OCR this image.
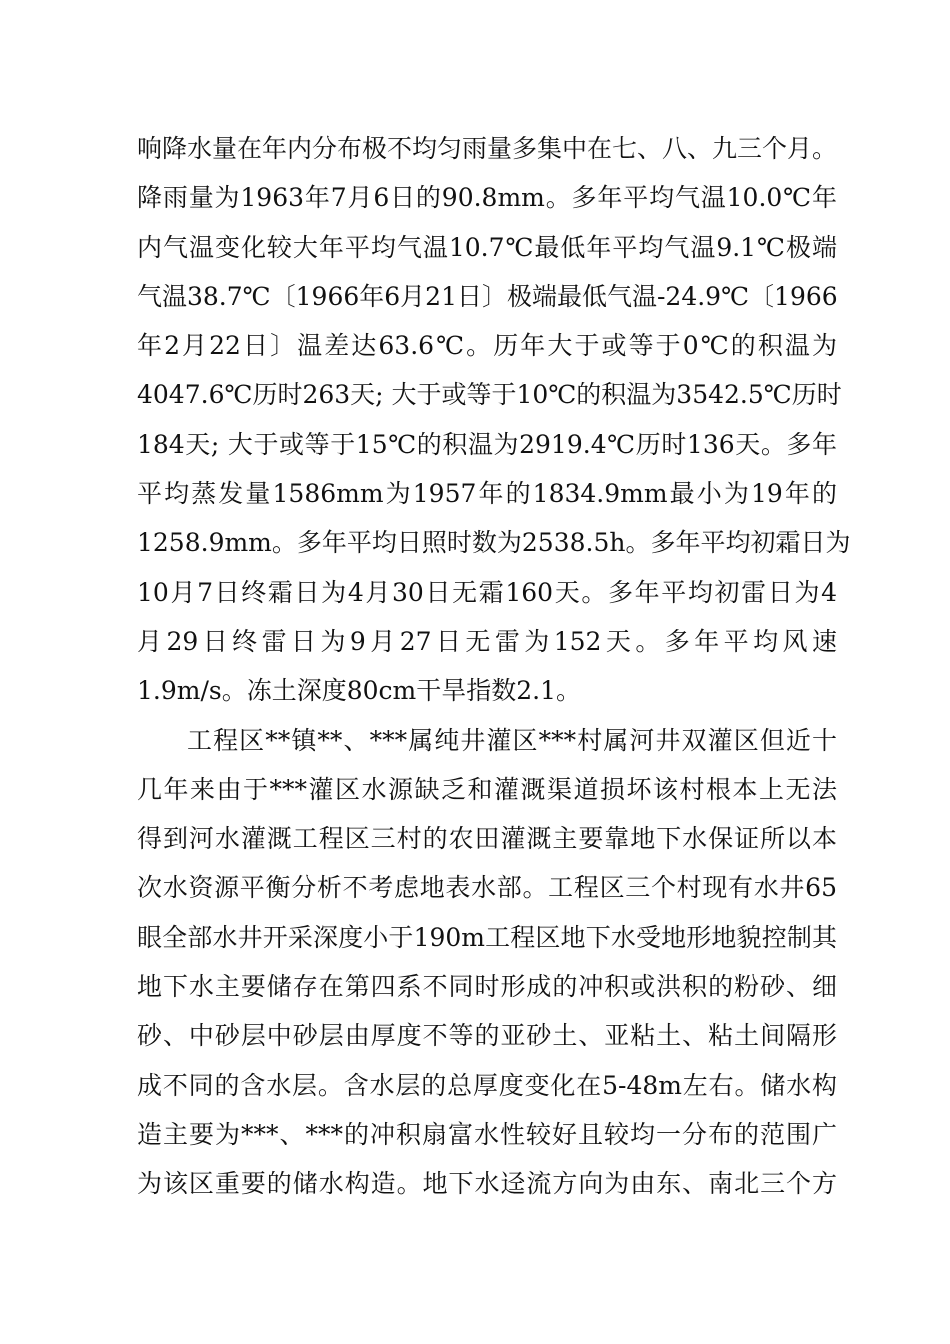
响降水量在年内分布极不均匀雨量多集中在七、八、九三个月。
降雨量为1963年7月6日的90.8mm。多年平均气温10.0℃年
内气温变化较大年平均气温10.7℃最低年平均气温9.1℃极端
气温38.7℃〔1966年6月21日〕极端最低气温-24.9℃〔1966
年2月22日〕温差达63.6℃。历年大于或等于0℃的积温为
4047.6℃历时263天; 大于或等于10℃的积温为3542.5℃历时
184天; 大于或等于15℃的积温为2919.4℃历时136天。多年
平均蒸发量1586mm为1957年的1834.9mm最小为19年的
1258.9mm。多年平均日照时数为2538.5h。多年平均初霜日为
10月7日终霜日为4月30日无霜160天。多年平均初雷日为4
月29日终雷日为9月27日无雷为152天。多年平均风速
1.9m/s。冻土深度80cm干旱指数2.1。
工程区**镇**、***属纯井灌区***村属河井双灌区但近十
几年来由于***灌区水源缺乏和灌溉渠道损坏该村根本上无法
得到河水灌溉工程区三村的农田灌溉主要靠地下水保证所以本
次水资源平衡分析不考虑地表水部。工程区三个村现有水井65
眼全部水井开采深度小于190m工程区地下水受地形地貌控制其
地下水主要储存在第四系不同时形成的冲积或洪积的粉砂、细
砂、中砂层中砂层由厚度不等的亚砂土、亚粘土、粘土间隔形
成不同的含水层。含水层的总厚度变化在5-48m左右。储水构
造主要为***、***的冲积扇富水性较好且较均一分布的范围广
为该区重要的储水构造。地下水迳流方向为由东、南北三个方
